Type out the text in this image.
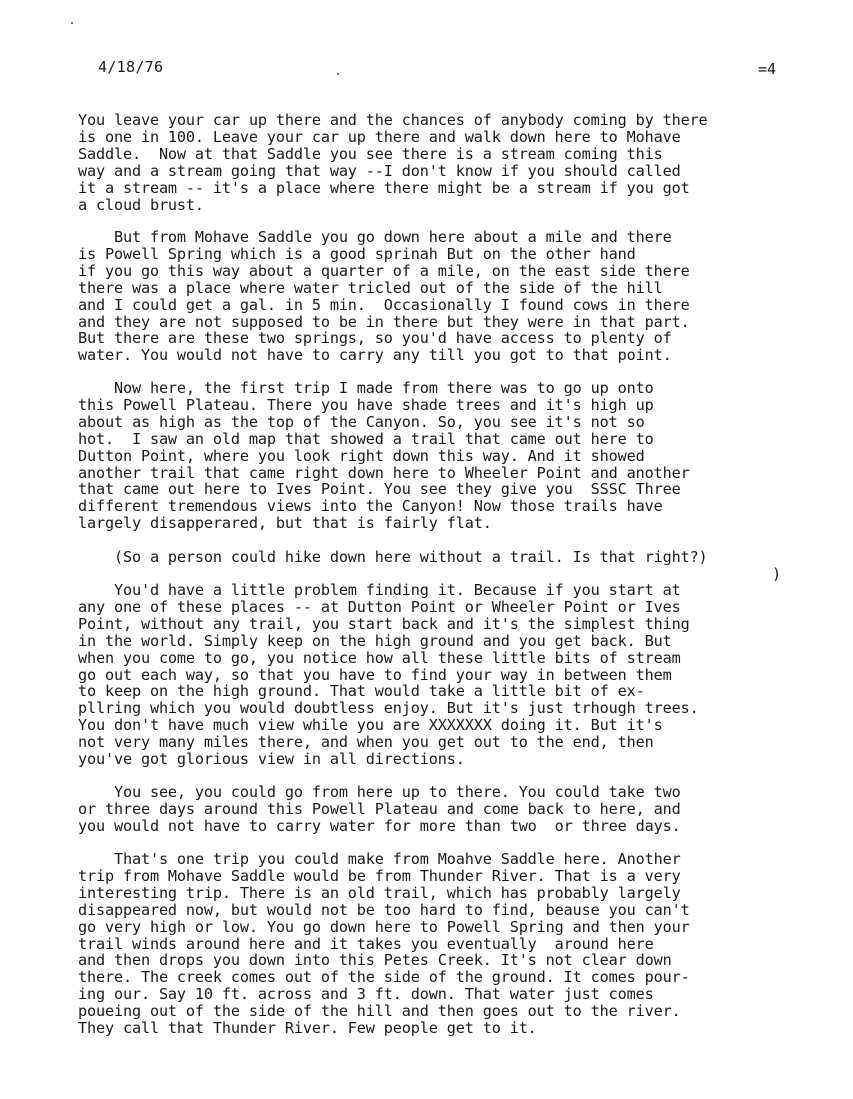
4/18/76	=4

You leave your car up there and the chances of anybody coming by there
is one in 100. Leave your car up there and walk down here to Mohave
Saddle.  Now at that Saddle you see there is a stream coming this
way and a stream going that way --I don't know if you should called
it a stream -- it's a place where there might be a stream if you got
a cloud brust.

But from Mohave Saddle you go down here about a mile and there
is Powell Spring which is a good sprinah But on the other hand
if you go this way about a quarter of a mile, on the east side there
there was a place where water tricled out of the side of the hill
and I could get a gal. in 5 min.  Occasionally I found cows in there
and they are not supposed to be in there but they were in that part.
But there are these two springs, so you'd have access to plenty of
water. You would not have to carry any till you got to that point.

Now here, the first trip I made from there was to go up onto
this Powell Plateau. There you have shade trees and it's high up
about as high as the top of the Canyon. So, you see it's not so
hot.  I saw an old map that showed a trail that came out here to
Dutton Point, where you look right down this way. And it showed
another trail that came right down here to Wheeler Point and another
that came out here to Ives Point. You see they give you  SSSC Three
different tremendous views into the Canyon! Now those trails have
largely disapperared, but that is fairly flat.

(So a person could hike down here without a trail. Is that right?)

)

You'd have a little problem finding it. Because if you start at
any one of these places -- at Dutton Point or Wheeler Point or Ives
Point, without any trail, you start back and it's the simplest thing
in the world. Simply keep on the high ground and you get back. But
when you come to go, you notice how all these little bits of stream
go out each way, so that you have to find your way in between them
to keep on the high ground. That would take a little bit of ex-
pllring which you would doubtless enjoy. But it's just trhough trees.
You don't have much view while you are XXXXXXX doing it. But it's
not very many miles there, and when you get out to the end, then
you've got glorious view in all directions.

You see, you could go from here up to there. You could take two
or three days around this Powell Plateau and come back to here, and
you would not have to carry water for more than two  or three days.

That's one trip you could make from Moahve Saddle here. Another
trip from Mohave Saddle would be from Thunder River. That is a very
interesting trip. There is an old trail, which has probably largely
disappeared now, but would not be too hard to find, beause you can't
go very high or low. You go down here to Powell Spring and then your
trail winds around here and it takes you eventually  around here
and then drops you down into this Petes Creek. It's not clear down
there. The creek comes out of the side of the ground. It comes pour-
ing our. Say 10 ft. across and 3 ft. down. That water just comes
poueing out of the side of the hill and then goes out to the river.
They call that Thunder River. Few people get to it.
